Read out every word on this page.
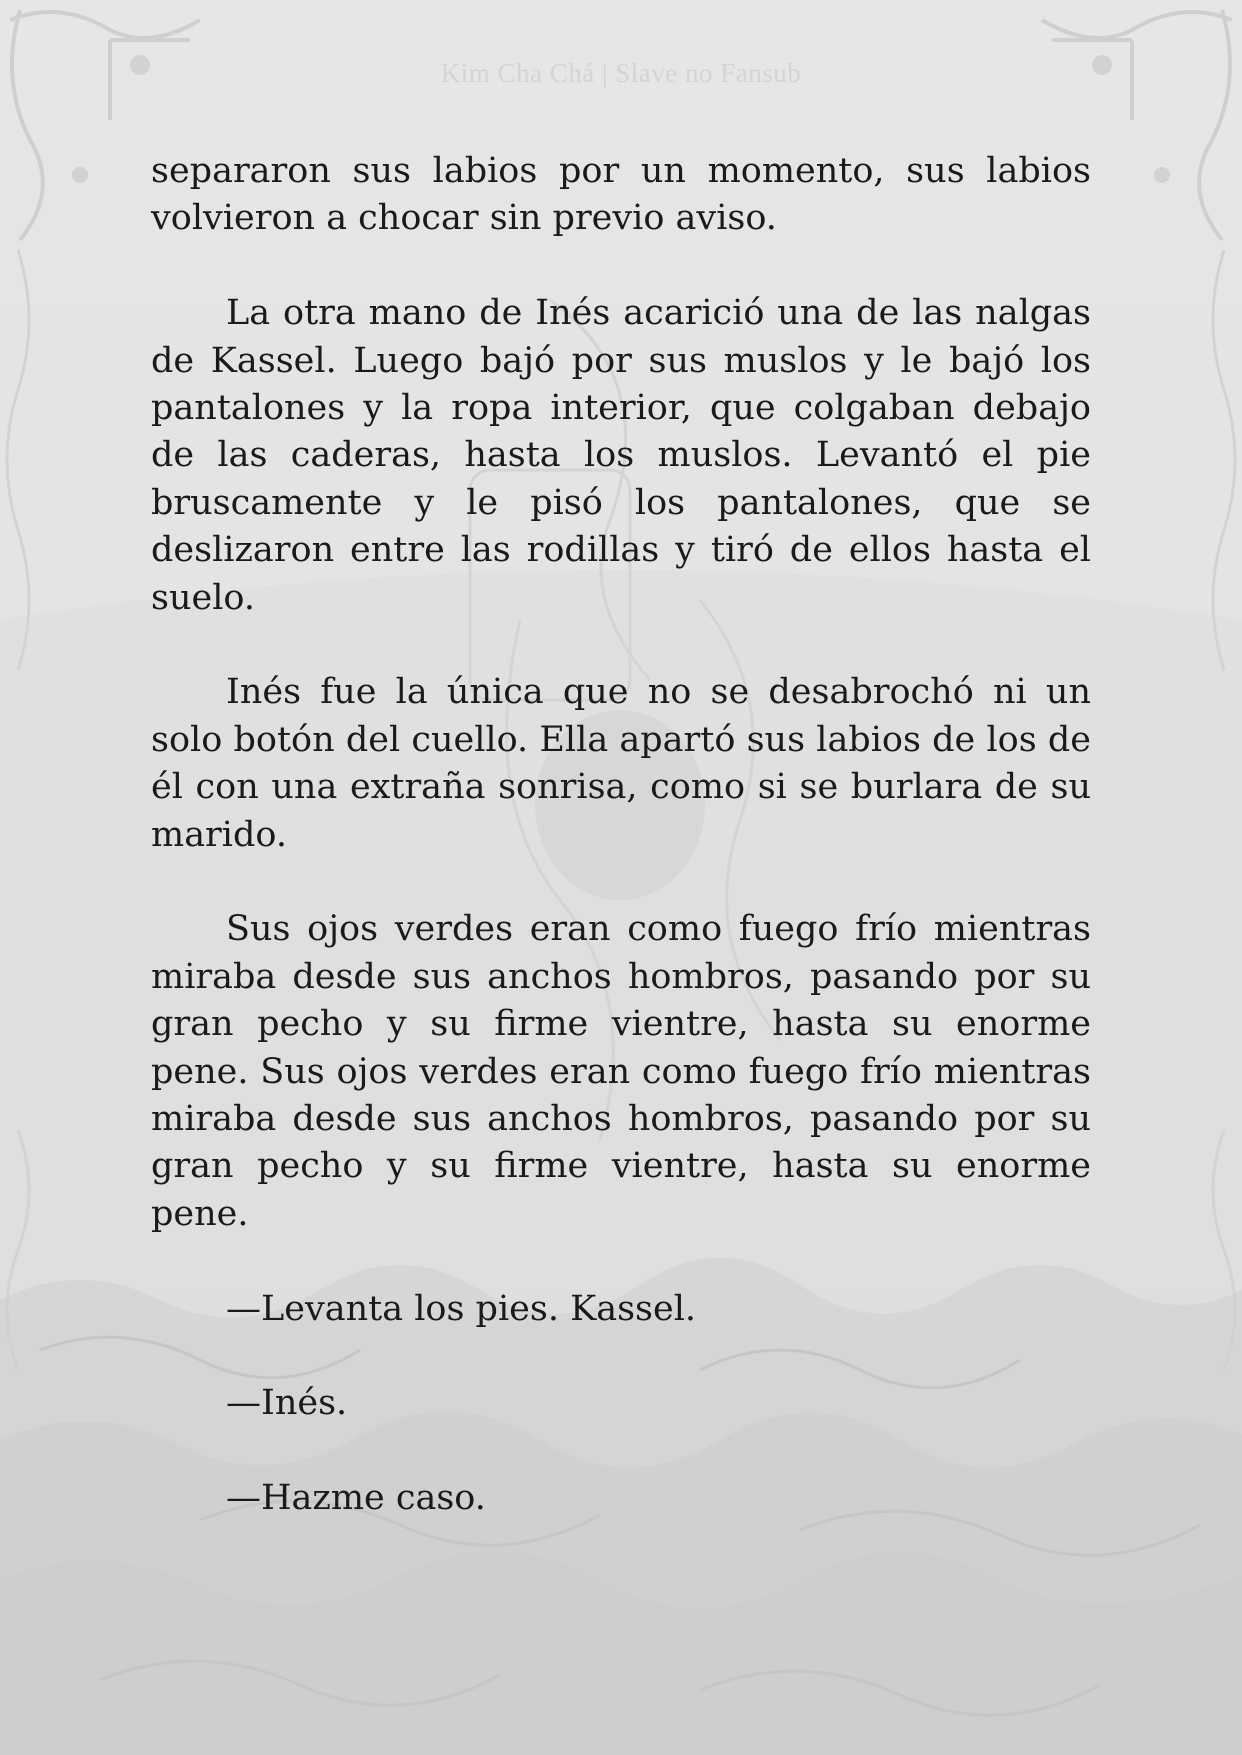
Kim Cha Chá | Slave no Fansub

separaron sus labios por un momento, sus labios volvieron a chocar sin previo aviso.

La otra mano de Inés acarició una de las nalgas de Kassel. Luego bajó por sus muslos y le bajó los pantalones y la ropa interior, que colgaban debajo de las caderas, hasta los muslos. Levantó el pie bruscamente y le pisó los pantalones, que se deslizaron entre las rodillas y tiró de ellos hasta el suelo.

Inés fue la única que no se desabrochó ni un solo botón del cuello. Ella apartó sus labios de los de él con una extraña sonrisa, como si se burlara de su marido.

Sus ojos verdes eran como fuego frío mientras miraba desde sus anchos hombros, pasando por su gran pecho y su firme vientre, hasta su enorme pene. Sus ojos verdes eran como fuego frío mientras miraba desde sus anchos hombros, pasando por su gran pecho y su firme vientre, hasta su enorme pene.

—Levanta los pies. Kassel.

—Inés.

—Hazme caso.
